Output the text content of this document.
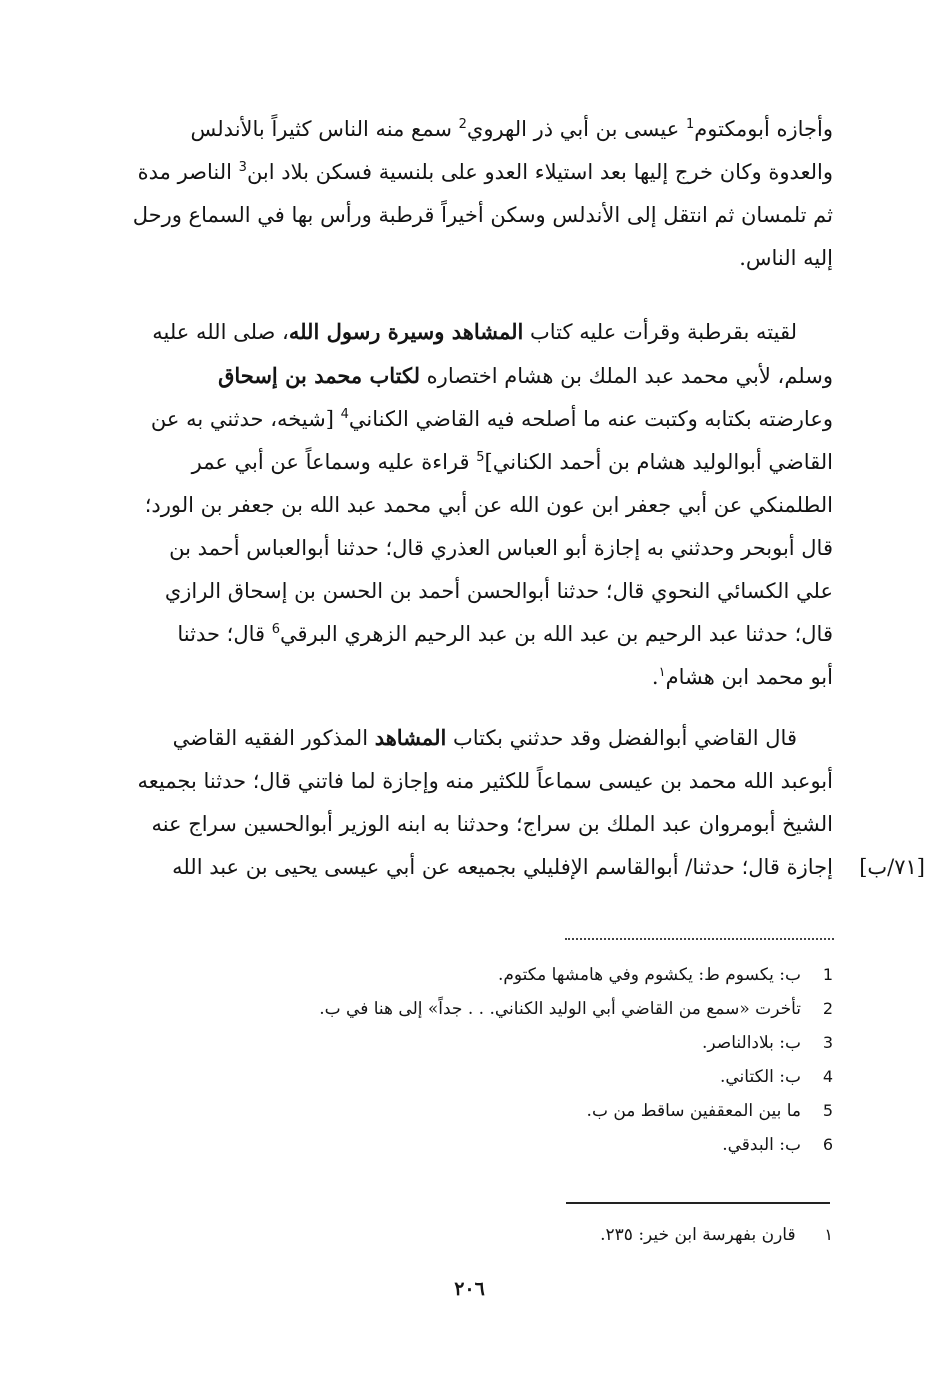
وأجازه أبومكتوم$^1$ عيسى بن أبي ذر الهروي$^2$ سمع منه الناس كثيراً بالأندلس
والعدوة وكان خرج إليها بعد استيلاء العدو على بلنسية فسكن بلاد ابن$^3$ الناصر مدة
ثم تلمسان ثم انتقل إلى الأندلس وسكن أخيراً قرطبة ورأس بها في السماع ورحل
إليه الناس.
لقيته بقرطبة وقرأت عليه كتاب المشاهد وسيرة رسول الله، صلى الله عليه
وسلم، لأبي محمد عبد الملك بن هشام اختصاره لكتاب محمد بن إسحاق
وعارضته بكتابه وكتبت عنه ما أصلحه فيه القاضي الكناني$^4$ [شيخه، حدثني به عن
القاضي أبوالوليد هشام بن أحمد الكناني]$^5$ قراءة عليه وسماعاً عن أبي عمر
الطلمنكي عن أبي جعفر ابن عون الله عن أبي محمد عبد الله بن جعفر بن الورد؛
قال أبوبحر وحدثني به إجازة أبو العباس العذري قال؛ حدثنا أبوالعباس أحمد بن
علي الكسائي النحوي قال؛ حدثنا أبوالحسن أحمد بن الحسن بن إسحاق الرازي
قال؛ حدثنا عبد الرحيم بن عبد الله بن عبد الرحيم الزهري البرقي$^6$ قال؛ حدثنا
أبو محمد ابن هشام$^١$.
قال القاضي أبوالفضل وقد حدثني بكتاب المشاهد المذكور الفقيه القاضي
أبوعبد الله محمد بن عيسى سماعاً للكثير منه وإجازة لما فاتني قال؛ حدثنا بجميعه
الشيخ أبومروان عبد الملك بن سراج؛ وحدثنا به ابنه الوزير أبوالحسين سراج عنه
إجازة قال؛ حدثنا/ أبوالقاسم الإفليلي بجميعه عن أبي عيسى يحيى بن عبد الله [٧١/ب]
1ب: يكسوم ط: يكشوم وفي هامشها مكتوم.
2تأخرت «سمع من القاضي أبي الوليد الكناني. . . جداً» إلى هنا في ب.
3ب: بلادالناصر.
4ب: الكتاني.
5ما بين المعقفين ساقط من ب.
6ب: البدقي.
١ قارن بفهرسة ابن خير: ٢٣٥.
٢٠٦
